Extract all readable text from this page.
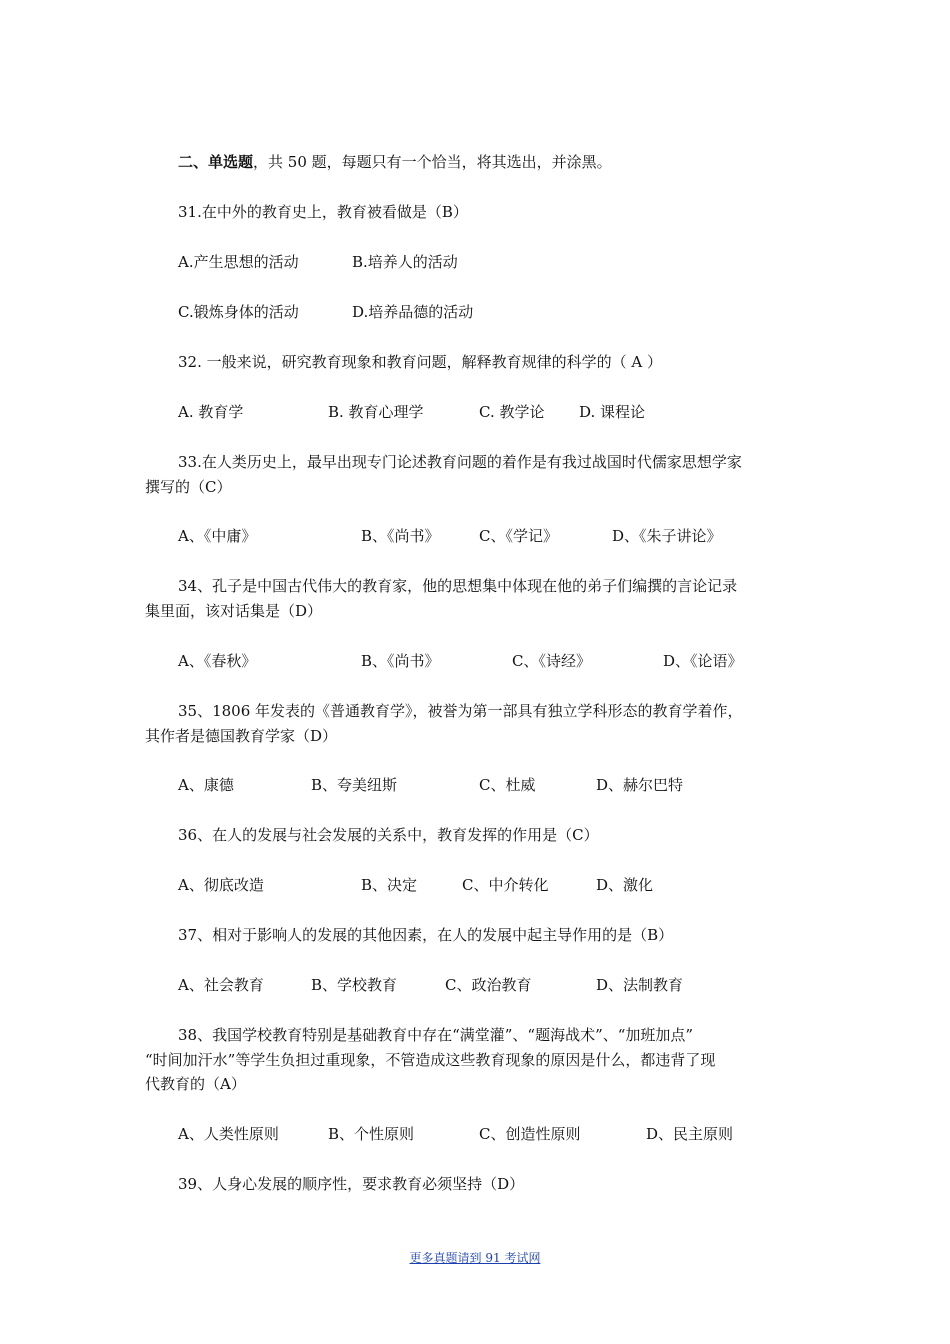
二、单选题，共 50 题，每题只有一个恰当，将其选出，并涂黑。
31.在中外的教育史上，教育被看做是（B）
A.产生思想的活动	B.培养人的活动
C.锻炼身体的活动	D.培养品德的活动
32. 一般来说，研究教育现象和教育问题，解释教育规律的科学的（ A ）
A. 教育学	B. 教育心理学	C. 教学论 D. 课程论
33.在人类历史上，最早出现专门论述教育问题的着作是有我过战国时代儒家思想学家
撰写的（C）
A、《中庸》	B、《尚书》	C、《学记》	D、《朱子讲论》
34、孔子是中国古代伟大的教育家，他的思想集中体现在他的弟子们编撰的言论记录
集里面，该对话集是（D）
A、《春秋》	B、《尚书》	C、《诗经》	D、《论语》
35、1806 年发表的《普通教育学》，被誉为第一部具有独立学科形态的教育学着作，
其作者是德国教育学家（D）
A、康德	B、夸美纽斯	C、杜威	D、赫尔巴特
36、在人的发展与社会发展的关系中，教育发挥的作用是（C）
A、彻底改造	B、决定	C、中介转化	D、激化
37、相对于影响人的发展的其他因素，在人的发展中起主导作用的是（B）
A、社会教育	B、学校教育	C、政治教育	D、法制教育
38、我国学校教育特别是基础教育中存在“满堂灌”、“题海战术”、“加班加点”
“时间加汗水”等学生负担过重现象，不管造成这些教育现象的原因是什么，都违背了现
代教育的（A）
A、人类性原则	B、个性原则	C、创造性原则	D、民主原则
39、人身心发展的顺序性，要求教育必须坚持（D）
更多真题请到 91 考试网
